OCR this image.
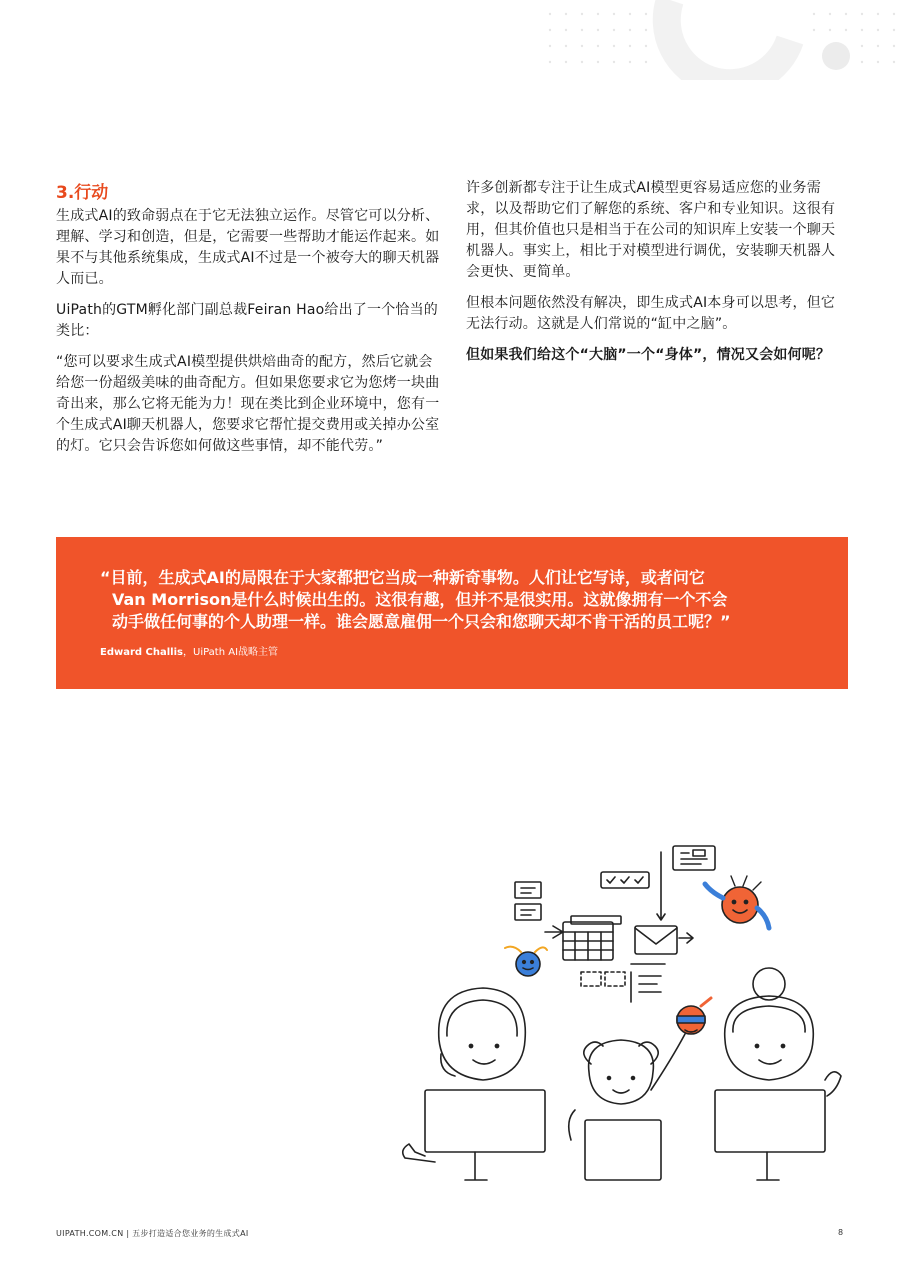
3.行动

生成式AI的致命弱点在于它无法独立运作。尽管它可以分析、理解、学习和创造，但是，它需要一些帮助才能运作起来。如果不与其他系统集成，生成式AI不过是一个被夸大的聊天机器人而已。

UiPath的GTM孵化部门副总裁Feiran Hao给出了一个恰当的类比：

“您可以要求生成式AI模型提供烘焙曲奇的配方，然后它就会给您一份超级美味的曲奇配方。但如果您要求它为您烤一块曲奇出来，那么它将无能为力！现在类比到企业环境中，您有一个生成式AI聊天机器人，您要求它帮忙提交费用或关掉办公室的灯。它只会告诉您如何做这些事情，却不能代劳。”

许多创新都专注于让生成式AI模型更容易适应您的业务需求，以及帮助它们了解您的系统、客户和专业知识。这很有用，但其价值也只是相当于在公司的知识库上安装一个聊天机器人。事实上，相比于对模型进行调优，安装聊天机器人会更快、更简单。

但根本问题依然没有解决，即生成式AI本身可以思考，但它无法行动。这就是人们常说的“缸中之脑”。

但如果我们给这个“大脑”一个“身体”，情况又会如何呢？

“目前，生成式AI的局限在于大家都把它当成一种新奇事物。人们让它写诗，或者问它
Van Morrison是什么时候出生的。这很有趣，但并不是很实用。这就像拥有一个不会
动手做任何事的个人助理一样。谁会愿意雇佣一个只会和您聊天却不肯干活的员工呢？”
Edward Challis，UiPath AI战略主管
UIPATH.COM.CN | 五步打造适合您业务的生成式AI	8
